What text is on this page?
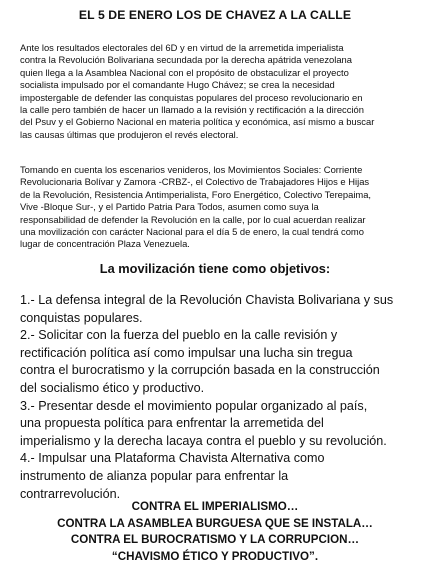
EL 5 DE ENERO LOS DE CHAVEZ A LA CALLE
Ante los resultados electorales del 6D y en virtud de la arremetida imperialista
contra la Revolución Bolivariana secundada por la derecha apátrida venezolana
quien llega a la Asamblea Nacional con el propósito de obstaculizar el proyecto
socialista impulsado por el comandante Hugo Chávez; se crea la necesidad
impostergable de defender las conquistas populares del proceso revolucionario en
la calle pero también de hacer un llamado a la revisión y rectificación a la dirección
del Psuv y el Gobierno Nacional en materia política y económica, así mismo a buscar
las causas últimas que produjeron el revés electoral.
Tomando en cuenta los escenarios venideros, los Movimientos Sociales: Corriente
Revolucionaria Bolívar y Zamora -CRBZ-, el Colectivo de Trabajadores Hijos e Hijas
de la Revolución, Resistencia Antimperialista, Foro Energético, Colectivo Terepaima,
Vive -Bloque Sur-, y el Partido Patria Para Todos, asumen como suya la
responsabilidad de defender la Revolución en la calle, por lo cual acuerdan realizar
una movilización con carácter Nacional para el día 5 de enero, la cual tendrá como
lugar de concentración Plaza Venezuela.
La movilización tiene como objetivos:
1.- La defensa integral de la Revolución Chavista Bolivariana y sus
conquistas populares.
2.- Solicitar con la fuerza del pueblo en la calle revisión y
rectificación política así como impulsar una lucha sin tregua
contra el burocratismo y la corrupción basada en la construcción
del socialismo ético y productivo.
3.- Presentar desde el movimiento popular organizado al país,
una propuesta política para enfrentar la arremetida del
imperialismo y la derecha lacaya contra el pueblo y su revolución.
4.- Impulsar una Plataforma Chavista Alternativa como
instrumento de alianza popular para enfrentar la
contrarrevolución.
CONTRA EL IMPERIALISMO…
CONTRA LA ASAMBLEA BURGUESA QUE SE INSTALA…
CONTRA EL BUROCRATISMO Y LA CORRUPCION…
“CHAVISMO ÉTICO Y PRODUCTIVO”.
